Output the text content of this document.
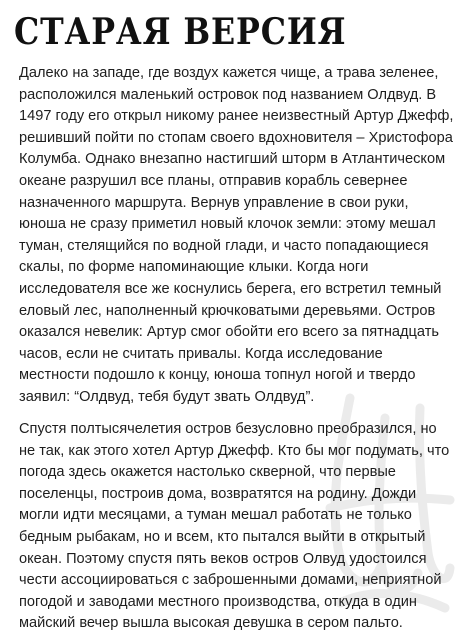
СТАРАЯ ВЕРСИЯ

Далеко на западе, где воздух кажется чище, а трава зеленее, расположился маленький островок под названием Олдвуд. В 1497 году его открыл никому ранее неизвестный Артур Джефф, решивший пойти по стопам своего вдохновителя – Христофора Колумба. Однако внезапно настигший шторм в Атлантическом океане разрушил все планы, отправив корабль севернее назначенного маршрута. Вернув управление в свои руки, юноша не сразу приметил новый клочок земли: этому мешал туман, стелящийся по водной глади, и часто попадающиеся скалы, по форме напоминающие клыки. Когда ноги исследователя все же коснулись берега, его встретил темный еловый лес, наполненный крючковатыми деревьями. Остров оказался невелик: Артур смог обойти его всего за пятнадцать часов, если не считать привалы. Когда исследование местности подошло к концу, юноша топнул ногой и твердо заявил: “Олдвуд, тебя будут звать Олдвуд”.

Спустя полтысячелетия остров безусловно преобразился, но не так, как этого хотел Артур Джефф. Кто бы мог подумать, что погода здесь окажется настолько скверной, что первые поселенцы, построив дома, возвратятся на родину. Дожди могли идти месяцами, а туман мешал работать не только бедным рыбакам, но и всем, кто пытался выйти в открытый океан. Поэтому спустя пять веков остров Олвуд удостоился чести ассоциироваться с заброшенными домами, неприятной погодой и заводами местного производства, откуда в один майский вечер вышла высокая девушка в сером пальто.
